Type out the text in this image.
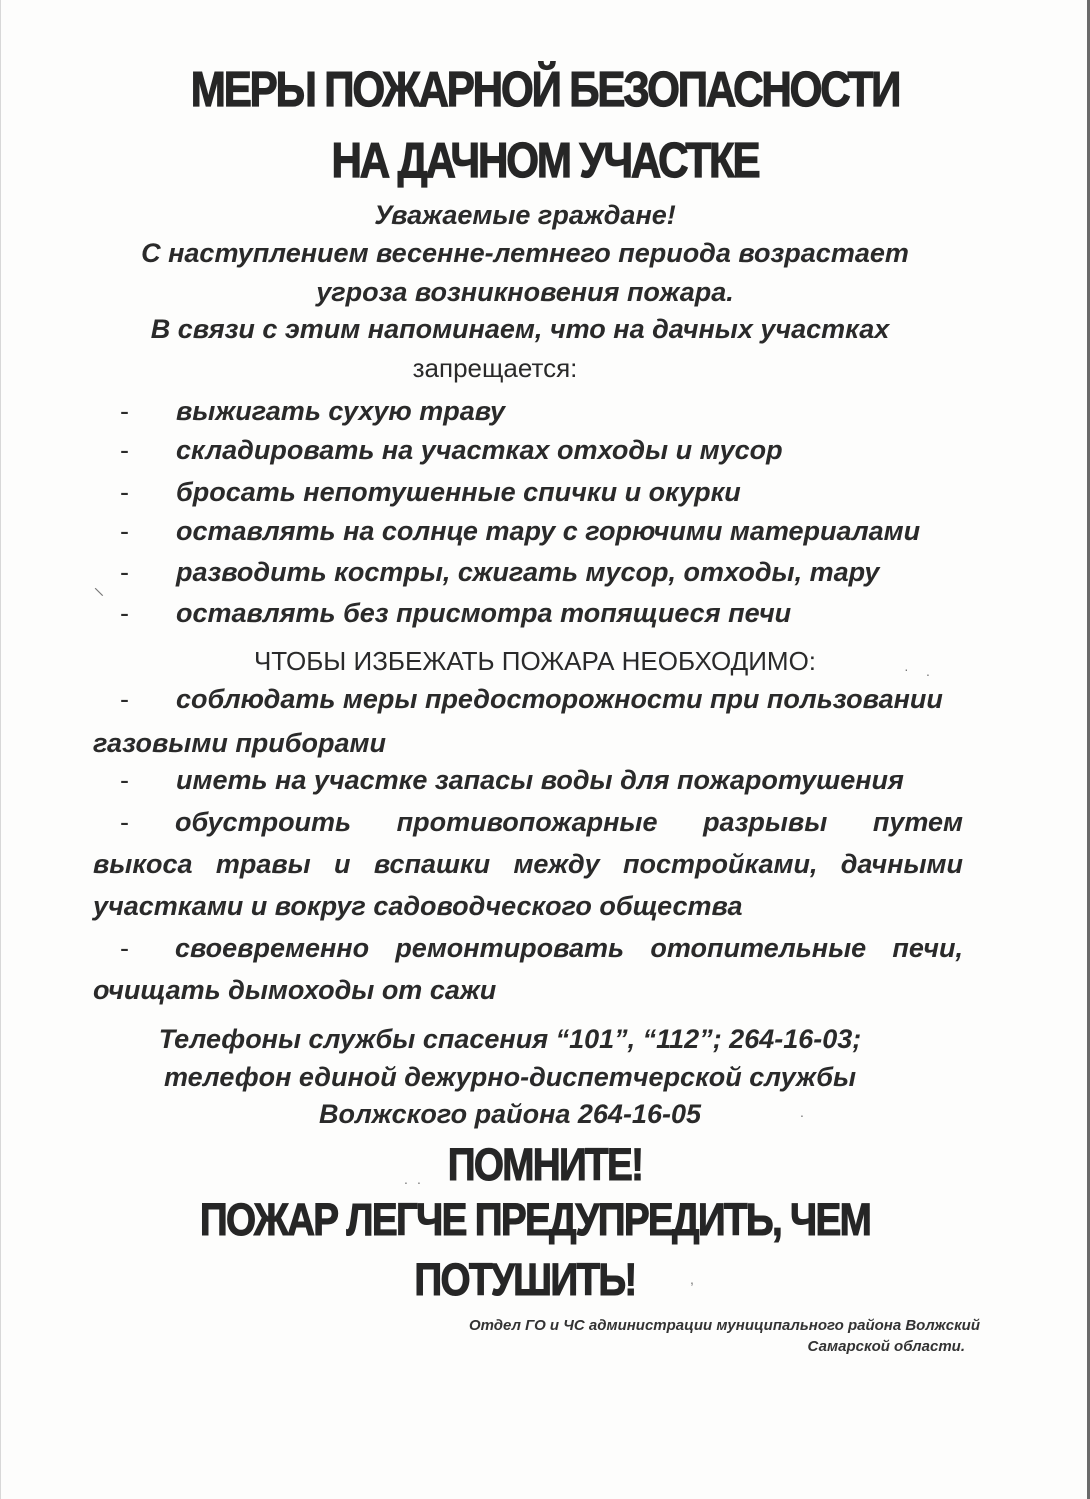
\
· .
.
. .
,
МЕРЫ ПОЖАРНОЙ БЕЗОПАСНОСТИ
НА ДАЧНОМ УЧАСТКЕ
Уважаемые граждане!
С наступлением весенне-летнего периода возрастает
угроза возникновения пожара.
В связи с этим напоминаем, что на дачных участках
запрещается:
- выжигать сухую траву
- складировать на участках отходы и мусор
- бросать непотушенные спички и окурки
- оставлять на солнце тару с горючими материалами
- разводить костры, сжигать мусор, отходы, тару
- оставлять без присмотра топящиеся печи
ЧТОБЫ ИЗБЕЖАТЬ ПОЖАРА НЕОБХОДИМО:
- соблюдать меры предосторожности при пользовании
газовыми приборами
- иметь на участке запасы воды для пожаротушения
- обустроить противопожарные разрывы путем
выкоса травы и вспашки между постройками, дачными
участками и вокруг садоводческого общества
- своевременно ремонтировать отопительные печи,
очищать дымоходы от сажи
Телефоны службы спасения “101”, “112”; 264-16-03;
телефон единой дежурно-диспетчерской службы
Волжского района 264-16-05
ПОМНИТЕ!
ПОЖАР ЛЕГЧЕ ПРЕДУПРЕДИТЬ, ЧЕМ
ПОТУШИТЬ!
Отдел ГО и ЧС администрации муниципального района Волжский
Самарской области.
